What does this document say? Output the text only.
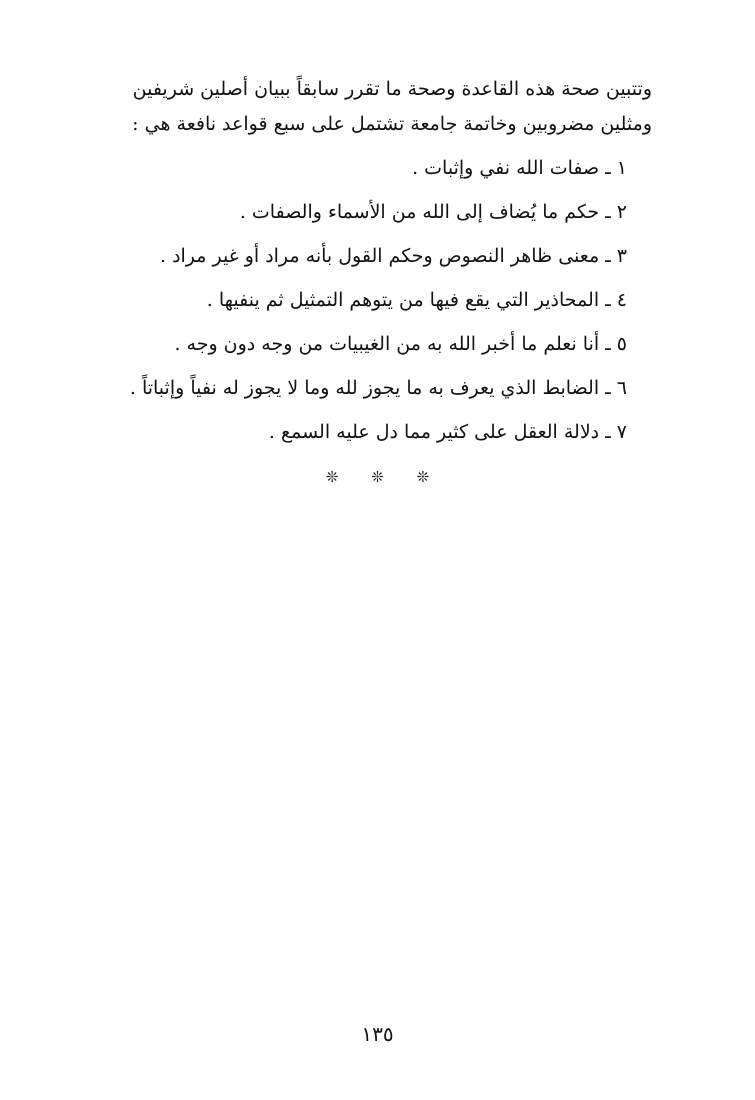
وتتبين صحة هذه القاعدة وصحة ما تقرر سابقاً ببيان أصلين شريفين
ومثلين مضروبين وخاتمة جامعة تشتمل على سبع قواعد نافعة هي :
١ ـ صفات الله نفي وإثبات .
٢ ـ حكم ما يُضاف إلى الله من الأسماء والصفات .
٣ ـ معنى ظاهر النصوص وحكم القول بأنه مراد أو غير مراد .
٤ ـ المحاذير التي يقع فيها من يتوهم التمثيل ثم ينفيها .
٥ ـ أنا نعلم ما أخبر الله به من الغيبيات من وجه دون وجه .
٦ ـ الضابط الذي يعرف به ما يجوز لله وما لا يجوز له نفياً وإثباتاً .
٧ ـ دلالة العقل على كثير مما دل عليه السمع .
❊ ❊ ❊
١٣٥
